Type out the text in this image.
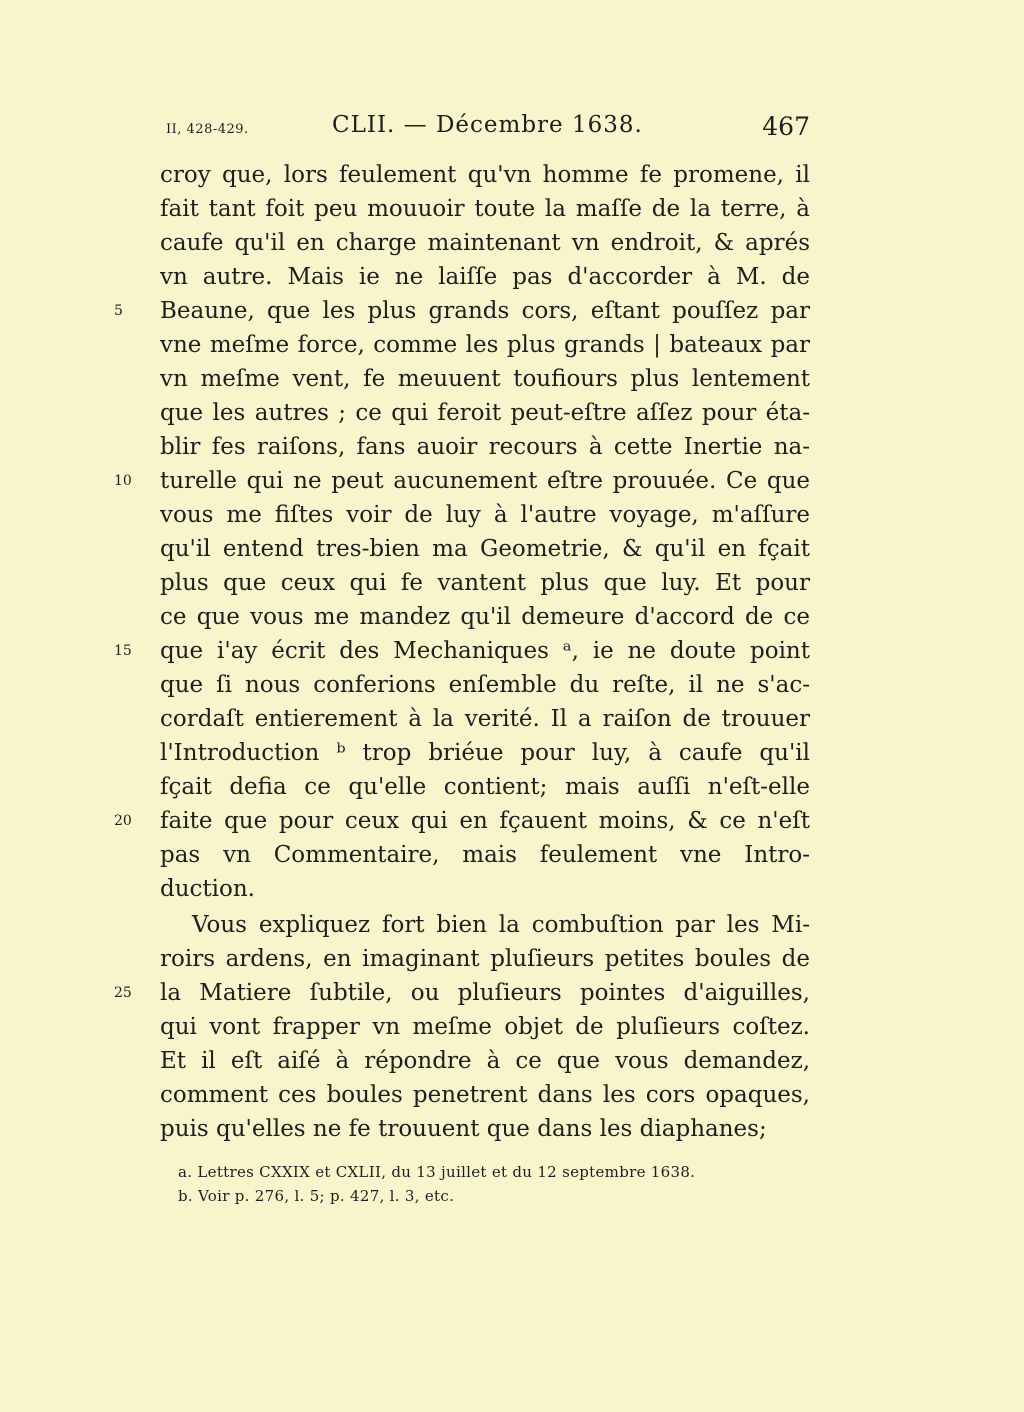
II, 428-429.	CLII. — Décembre 1638.	467
croy que, lors feulement qu'vn homme fe promene, il
fait tant foit peu mouuoir toute la maſſe de la terre, à
caufe qu'il en charge maintenant vn endroit, & aprés
vn autre. Mais ie ne laiſſe pas d'accorder à M. de
Beaune, que les plus grands cors, eſtant pouſſez par
5
vne meſme force, comme les plus grands | bateaux par
vn meſme vent, fe meuuent toufiours plus lentement
que les autres ; ce qui feroit peut-eſtre aſſez pour éta-
blir fes raiſons, fans auoir recours à cette Inertie na-
turelle qui ne peut aucunement eſtre prouuée. Ce que
10
vous me fiſtes voir de luy à l'autre voyage, m'aſſure
qu'il entend tres-bien ma Geometrie, & qu'il en fçait
plus que ceux qui fe vantent plus que luy. Et pour
ce que vous me mandez qu'il demeure d'accord de ce
que i'ay écrit des Mechaniques ᵃ, ie ne doute point
15
que ſi nous conferions enſemble du reſte, il ne s'ac-
cordaſt entierement à la verité. Il a raiſon de trouuer
l'Introduction ᵇ trop briéue pour luy, à caufe qu'il
fçait defia ce qu'elle contient; mais auſſi n'eſt-elle
faite que pour ceux qui en fçauent moins, & ce n'eſt
20
pas vn Commentaire, mais feulement vne Intro-
duction.
Vous expliquez fort bien la combuſtion par les Mi-
roirs ardens, en imaginant pluſieurs petites boules de
la Matiere ſubtile, ou pluſieurs pointes d'aiguilles,
25
qui vont frapper vn meſme objet de pluſieurs coſtez.
Et il eſt aiſé à répondre à ce que vous demandez,
comment ces boules penetrent dans les cors opaques,
puis qu'elles ne fe trouuent que dans les diaphanes;
a. Lettres CXXIX et CXLII, du 13 juillet et du 12 septembre 1638.
b. Voir p. 276, l. 5; p. 427, l. 3, etc.
